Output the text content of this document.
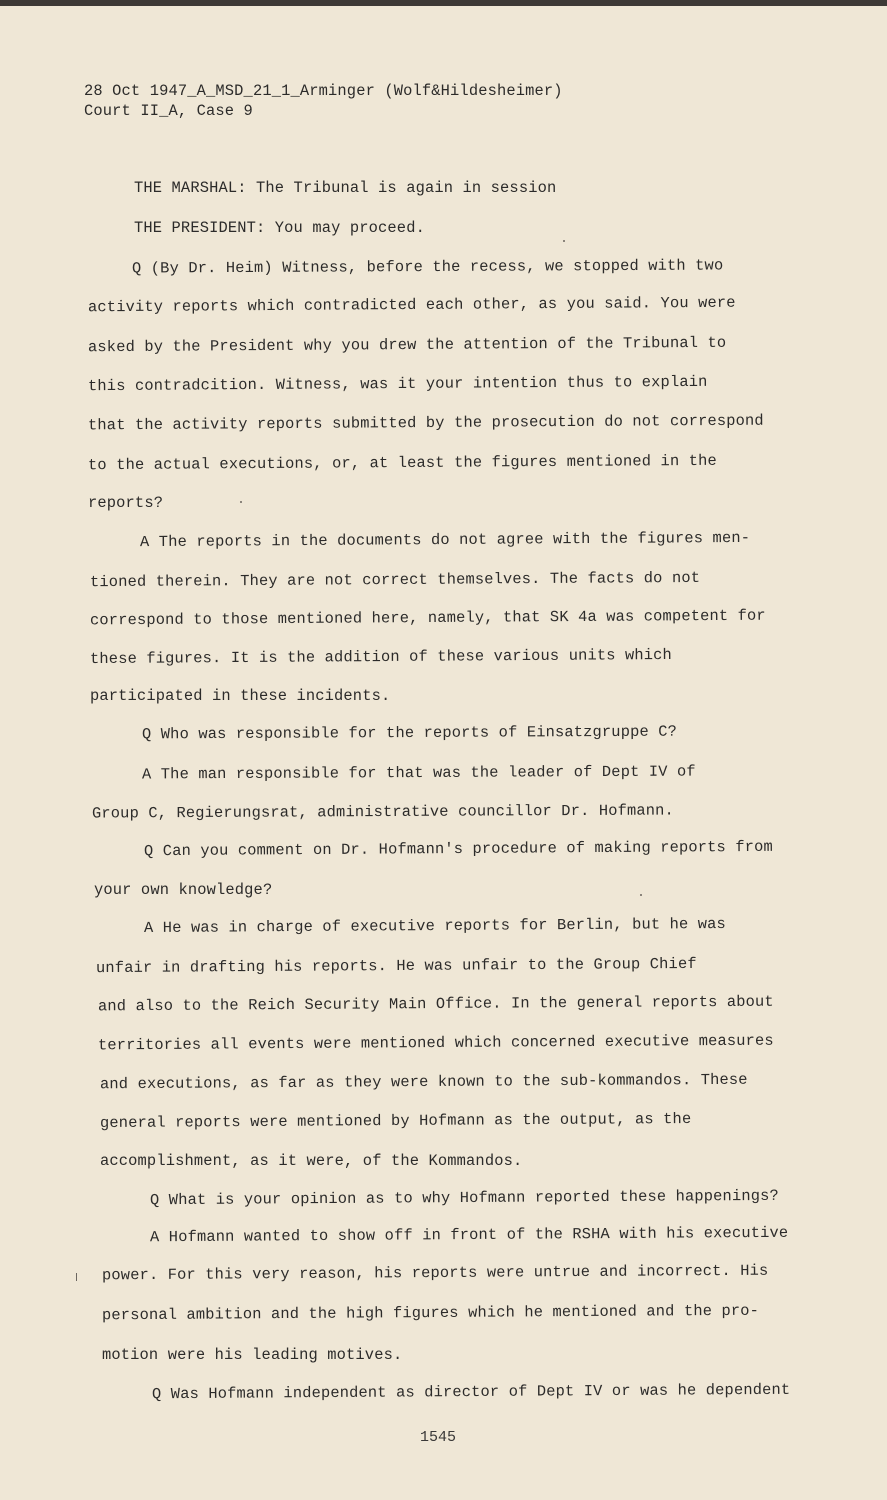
28 Oct 1947_A_MSD_21_1_Arminger (Wolf&Hildesheimer)
Court II_A, Case 9
THE MARSHAL: The Tribunal is again in session
THE PRESIDENT: You may proceed.
Q (By Dr. Heim) Witness, before the recess, we stopped with two
activity reports which contradicted each other, as you said. You were
asked by the President why you drew the attention of the Tribunal to
this contradcition. Witness, was it your intention thus to explain
that the activity reports submitted by the prosecution do not correspond
to the actual executions, or, at least the figures mentioned in the
reports?
A The reports in the documents do not agree with the figures men-
tioned therein. They are not correct themselves. The facts do not
correspond to those mentioned here, namely, that SK 4a was competent for
these figures. It is the addition of these various units which
participated in these incidents.
Q Who was responsible for the reports of Einsatzgruppe C?
A The man responsible for that was the leader of Dept IV of
Group C, Regierungsrat, administrative councillor Dr. Hofmann.
Q Can you comment on Dr. Hofmann's procedure of making reports from
your own knowledge?
A He was in charge of executive reports for Berlin, but he was
unfair in drafting his reports. He was unfair to the Group Chief
and also to the Reich Security Main Office. In the general reports about
territories all events were mentioned which concerned executive measures
and executions, as far as they were known to the sub-kommandos. These
general reports were mentioned by Hofmann as the output, as the
accomplishment, as it were, of the Kommandos.
Q What is your opinion as to why Hofmann reported these happenings?
A Hofmann wanted to show off in front of the RSHA with his executive
power. For this very reason, his reports were untrue and incorrect. His
personal ambition and the high figures which he mentioned and the pro-
motion were his leading motives.
Q Was Hofmann independent as director of Dept IV or was he dependent
1545
